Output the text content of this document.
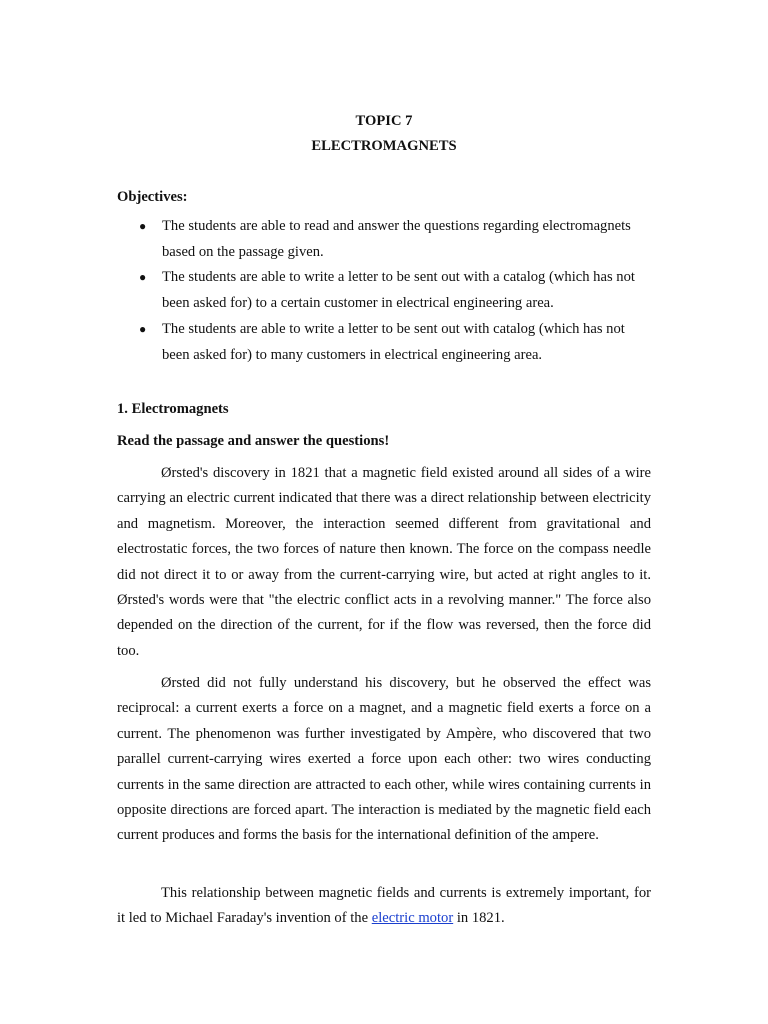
TOPIC 7
ELECTROMAGNETS
Objectives:
● The students are able to read and answer the questions regarding electromagnets based on the passage given.
● The students are able to write a letter to be sent out with a catalog (which has not been asked for) to a certain customer in electrical engineering area.
● The students are able to write a letter to be sent out with catalog (which has not been asked for) to many customers in electrical engineering area.
1. Electromagnets
Read the passage and answer the questions!

Ørsted's discovery in 1821 that a magnetic field existed around all sides of a wire carrying an electric current indicated that there was a direct relationship between electricity and magnetism. Moreover, the interaction seemed different from gravitational and electrostatic forces, the two forces of nature then known. The force on the compass needle did not direct it to or away from the current-carrying wire, but acted at right angles to it. Ørsted's words were that "the electric conflict acts in a revolving manner." The force also depended on the direction of the current, for if the flow was reversed, then the force did too.

Ørsted did not fully understand his discovery, but he observed the effect was reciprocal: a current exerts a force on a magnet, and a magnetic field exerts a force on a current. The phenomenon was further investigated by Ampère, who discovered that two parallel current-carrying wires exerted a force upon each other: two wires conducting currents in the same direction are attracted to each other, while wires containing currents in opposite directions are forced apart. The interaction is mediated by the magnetic field each current produces and forms the basis for the international definition of the ampere.

This relationship between magnetic fields and currents is extremely important, for it led to Michael Faraday's invention of the electric motor in 1821.
